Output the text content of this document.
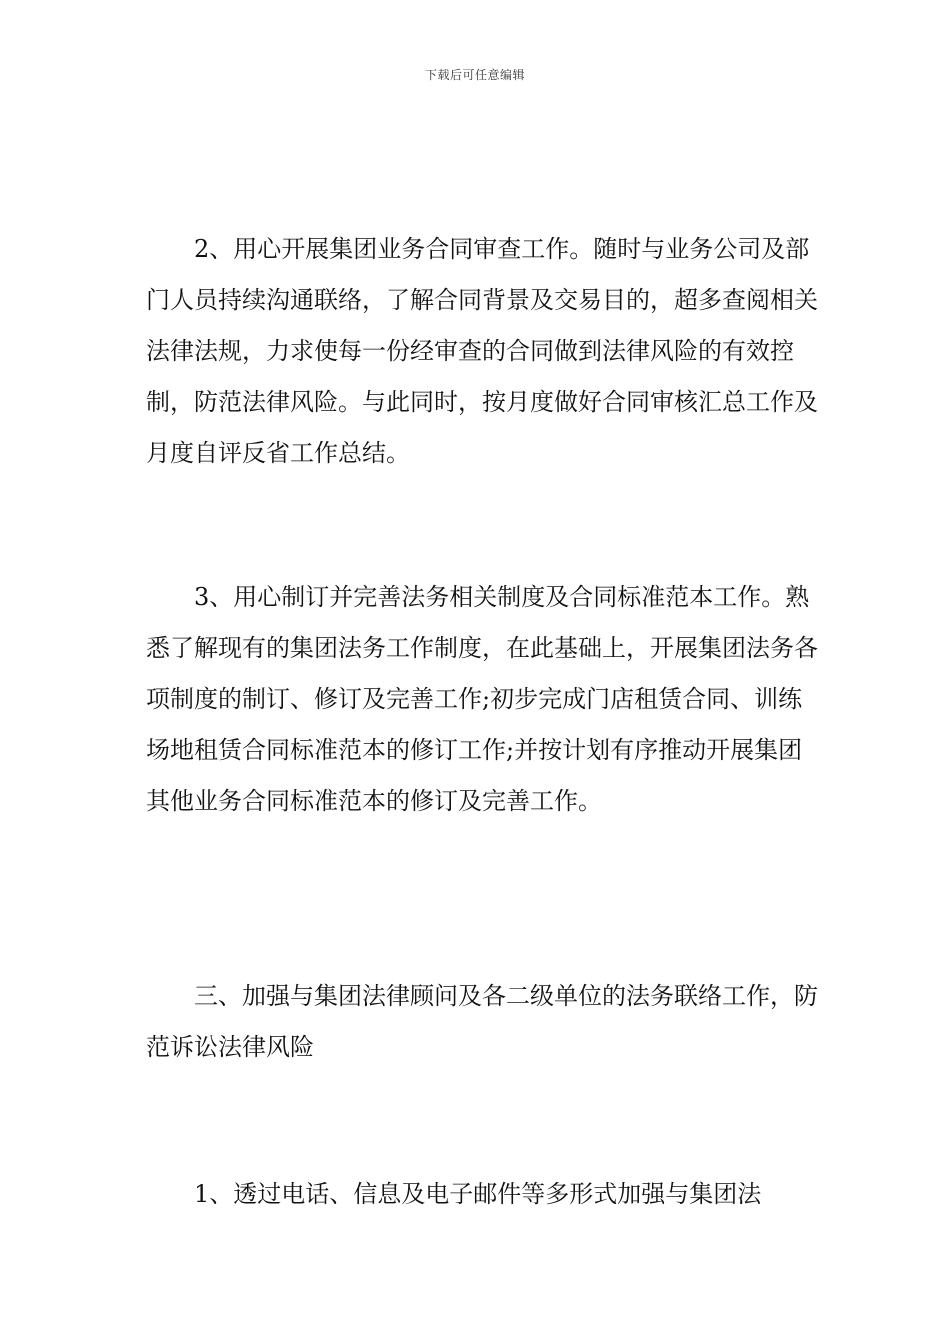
下载后可任意编辑

2、用心开展集团业务合同审查工作。随时与业务公司及部门人员持续沟通联络，了解合同背景及交易目的，超多查阅相关法律法规，力求使每一份经审查的合同做到法律风险的有效控制，防范法律风险。与此同时，按月度做好合同审核汇总工作及月度自评反省工作总结。

3、用心制订并完善法务相关制度及合同标准范本工作。熟悉了解现有的集团法务工作制度，在此基础上，开展集团法务各项制度的制订、修订及完善工作;初步完成门店租赁合同、训练场地租赁合同标准范本的修订工作;并按计划有序推动开展集团其他业务合同标准范本的修订及完善工作。

三、加强与集团法律顾问及各二级单位的法务联络工作，防范诉讼法律风险

1、透过电话、信息及电子邮件等多形式加强与集团法
